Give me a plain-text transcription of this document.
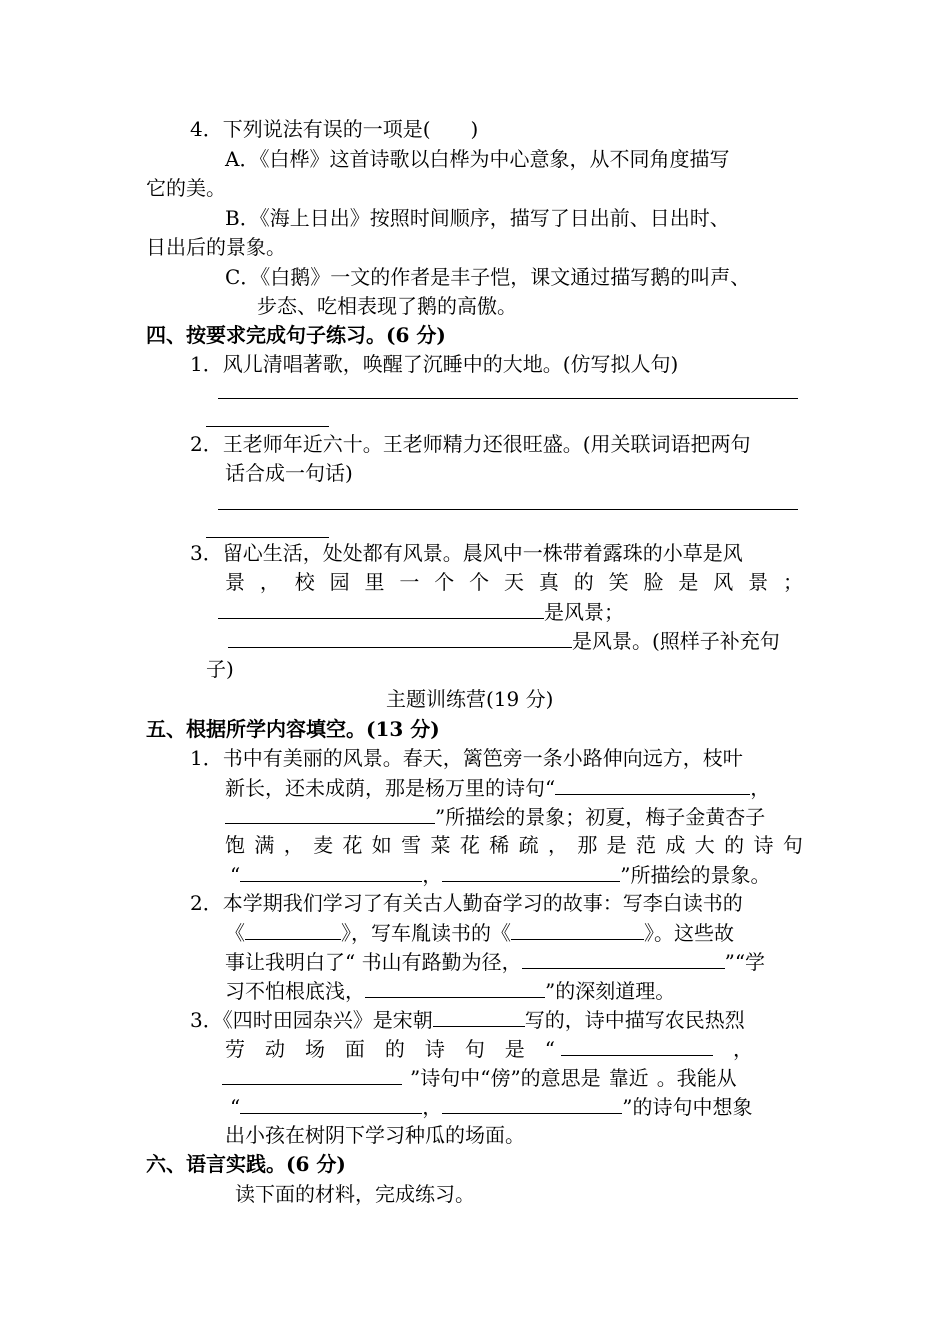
4．下列说法有误的一项是(　　)
A．《白桦》这首诗歌以白桦为中心意象，从不同角度描写
它的美。
B．《海上日出》按照时间顺序，描写了日出前、日出时、
日出后的景象。
C．《白鹅》一文的作者是丰子恺，课文通过描写鹅的叫声、
步态、吃相表现了鹅的高傲。
四、按要求完成句子练习。(6 分)
1．风儿清唱著歌，唤醒了沉睡中的大地。(仿写拟人句)
2．王老师年近六十。王老师精力还很旺盛。(用关联词语把两句
话合成一句话)
3．留心生活，处处都有风景。晨风中一株带着露珠的小草是风
景 ， 校 园 里 一 个 个 天 真 的 笑 脸 是 风 景 ；
是风景；
是风景。(照样子补充句
子)
主题训练营(19 分)
五、根据所学内容填空。(13 分)
1．书中有美丽的风景。春天，篱笆旁一条小路伸向远方，枝叶
新长，还未成荫，那是杨万里的诗句“	，
”所描绘的景象；初夏，梅子金黄杏子
饱 满 ， 麦 花 如 雪 菜 花 稀 疏 ， 那 是 范 成 大 的 诗 句
“	，	”所描绘的景象。
2．本学期我们学习了有关古人勤奋学习的故事：写李白读书的
《	》，写车胤读书的《	》。这些故
事让我明白了“ 书山有路勤为径，	”“学
习不怕根底浅，	”的深刻道理。
3．《四时田园杂兴》是宋朝	写的，诗中描写农民热烈
劳 动 场 面 的 诗 句 是 “	，
”诗句中“傍”的意思是 靠近 。我能从
“	，	”的诗句中想象
出小孩在树阴下学习种瓜的场面。
六、语言实践。(6 分)
读下面的材料，完成练习。
